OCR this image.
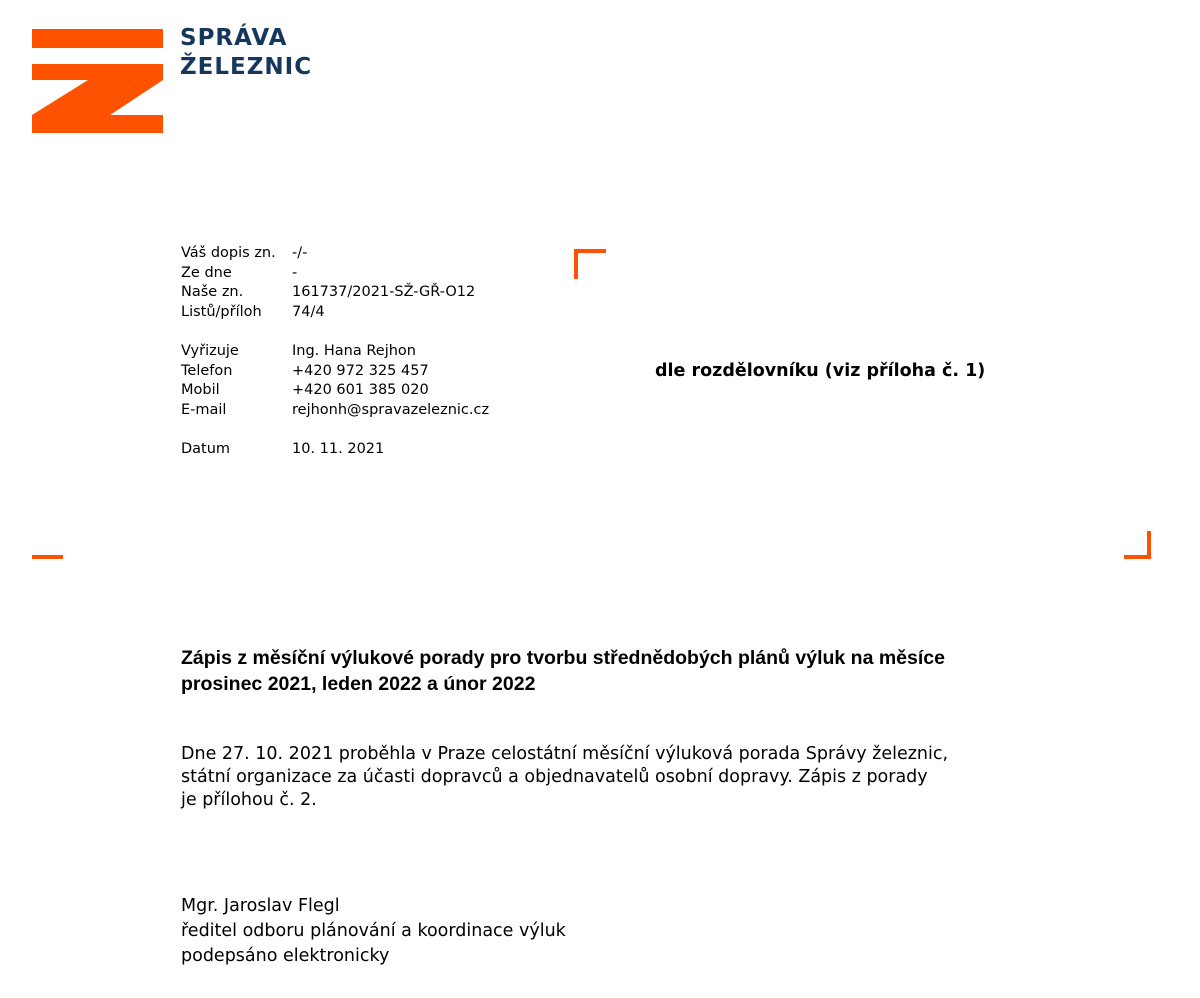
SPRÁVA
ŽELEZNIC
Váš dopis zn.	-/-
Ze dne	-
Naše zn.	161737/2021-SŽ-GŘ-O12
Listů/příloh	74/4
Vyřizuje	Ing. Hana Rejhon
Telefon	+420 972 325 457
Mobil	+420 601 385 020
E-mail	rejhonh@spravazeleznic.cz
Datum	10. 11. 2021
dle rozdělovníku (viz příloha č. 1)
Zápis z měsíční výlukové porady pro tvorbu střednědobých plánů výluk na měsíce
prosinec 2021, leden 2022 a únor 2022
Dne 27. 10. 2021 proběhla v Praze celostátní měsíční výluková porada Správy železnic,
státní organizace za účasti dopravců a objednavatelů osobní dopravy. Zápis z porady
je přílohou č. 2.
Mgr. Jaroslav Flegl
ředitel odboru plánování a koordinace výluk
podepsáno elektronicky
